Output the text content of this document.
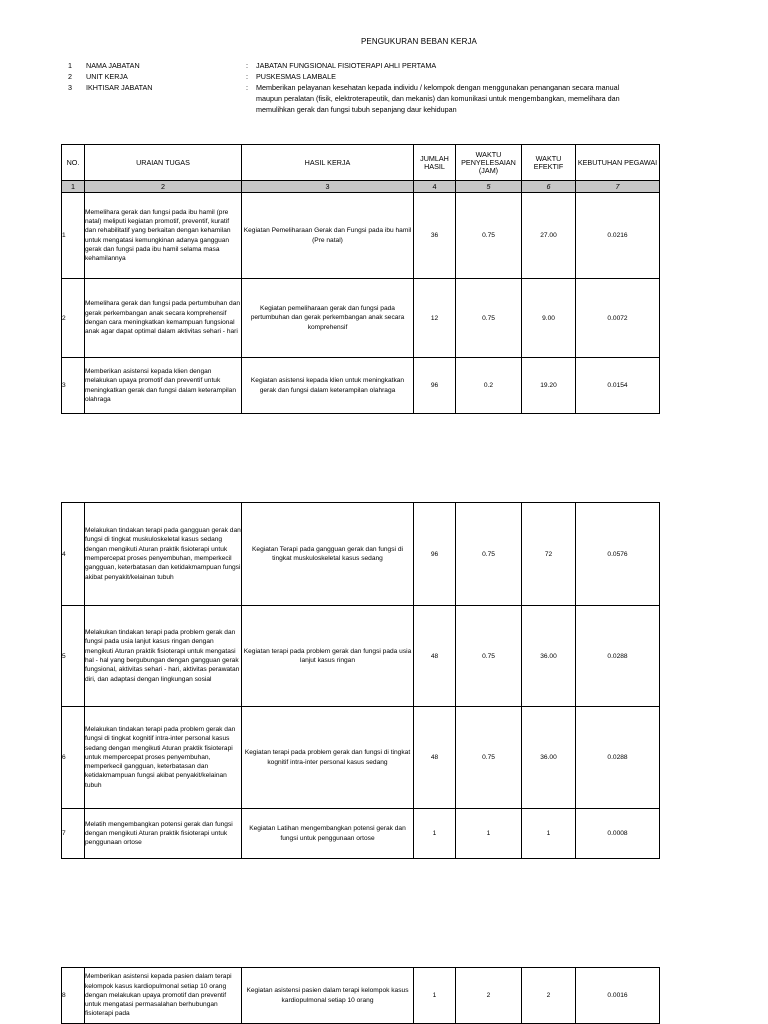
PENGUKURAN BEBAN KERJA
1	NAMA JABATAN	:	JABATAN FUNGSIONAL FISIOTERAPI AHLI PERTAMA
2	UNIT KERJA	:	PUSKESMAS LAMBALE
3	IKHTISAR JABATAN	:	Memberikan pelayanan kesehatan kepada individu / kelompok dengan menggunakan penanganan secara manual maupun peralatan (fisik, elektroterapeutik, dan mekanis) dan komunikasi untuk mengembangkan, memelihara dan memulihkan gerak dan fungsi tubuh sepanjang daur kehidupan
NO.	URAIAN TUGAS	HASIL KERJA	JUMLAH HASIL	WAKTU PENYELESAIAN (JAM)	WAKTU EFEKTIF	KEBUTUHAN PEGAWAI
1	2	3	4	5	6	7
1	Memelihara gerak dan fungsi pada ibu hamil (pre natal) meliputi kegiatan promotif, preventif, kuratif dan rehabilitatif yang berkaitan dengan kehamilan untuk mengatasi kemungkinan adanya gangguan gerak dan fungsi pada ibu hamil selama masa kehamilannya	Kegiatan Pemeliharaan Gerak dan Fungsi pada ibu hamil (Pre natal)	36	0.75	27.00	0.0216
2	Memelihara gerak dan fungsi pada pertumbuhan dan gerak perkembangan anak secara komprehensif dengan cara meningkatkan kemampuan fungsional anak agar dapat optimal dalam aktivitas sehari - hari	Kegiatan pemeliharaan gerak dan fungsi pada pertumbuhan dan gerak perkembangan anak secara komprehensif	12	0.75	9.00	0.0072
3	Memberikan asistensi kepada klien dengan melakukan upaya promotif dan preventif untuk meningkatkan gerak dan fungsi dalam keterampilan olahraga	Kegiatan asistensi kepada klien untuk meningkatkan gerak dan fungsi dalam keterampilan olahraga	96	0.2	19.20	0.0154
4	Melakukan tindakan terapi pada gangguan gerak dan fungsi di tingkat muskuloskeletal kasus sedang dengan mengikuti Aturan praktik fisioterapi untuk mempercepat proses penyembuhan, memperkecil gangguan, keterbatasan dan ketidakmampuan fungsi akibat penyakit/kelainan tubuh	Kegiatan Terapi pada gangguan gerak dan fungsi di tingkat muskuloskeletal kasus sedang	96	0.75	72	0.0576
5	Melakukan tindakan terapi pada problem gerak dan fungsi pada usia lanjut kasus ringan dengan mengikuti Aturan praktik fisioterapi untuk mengatasi hal - hal yang bergubungan dengan gangguan gerak fungsional, aktivitas sehari - hari, aktivitas perawatan diri, dan adaptasi dengan lingkungan sosial	Kegiatan terapi pada problem gerak dan fungsi pada usia lanjut kasus ringan	48	0.75	36.00	0.0288
6	Melakukan tindakan terapi pada problem gerak dan fungsi di tingkat kognitif intra-inter personal kasus sedang dengan mengikuti Aturan praktik fisioterapi untuk mempercepat proses penyembuhan, memperkecil gangguan, keterbatasan dan ketidakmampuan fungsi akibat penyakit/kelainan tubuh	Kegiatan terapi pada problem gerak dan fungsi di tingkat kognitif intra-inter personal kasus sedang	48	0.75	36.00	0.0288
7	Melatih mengembangkan potensi gerak dan fungsi dengan mengikuti Aturan praktik fisioterapi untuk penggunaan ortose	Kegiatan Latihan mengembangkan potensi gerak dan fungsi untuk penggunaan ortose	1	1	1	0.0008
8	Memberikan asistensi kepada pasien dalam terapi kelompok kasus kardiopulmonal setiap 10 orang dengan melakukan upaya promotif dan preventif untuk mengatasi permasalahan berhubungan fisioterapi pada	Kegiatan asistensi pasien dalam terapi kelompok kasus kardiopulmonal setiap 10 orang	1	2	2	0.0016
